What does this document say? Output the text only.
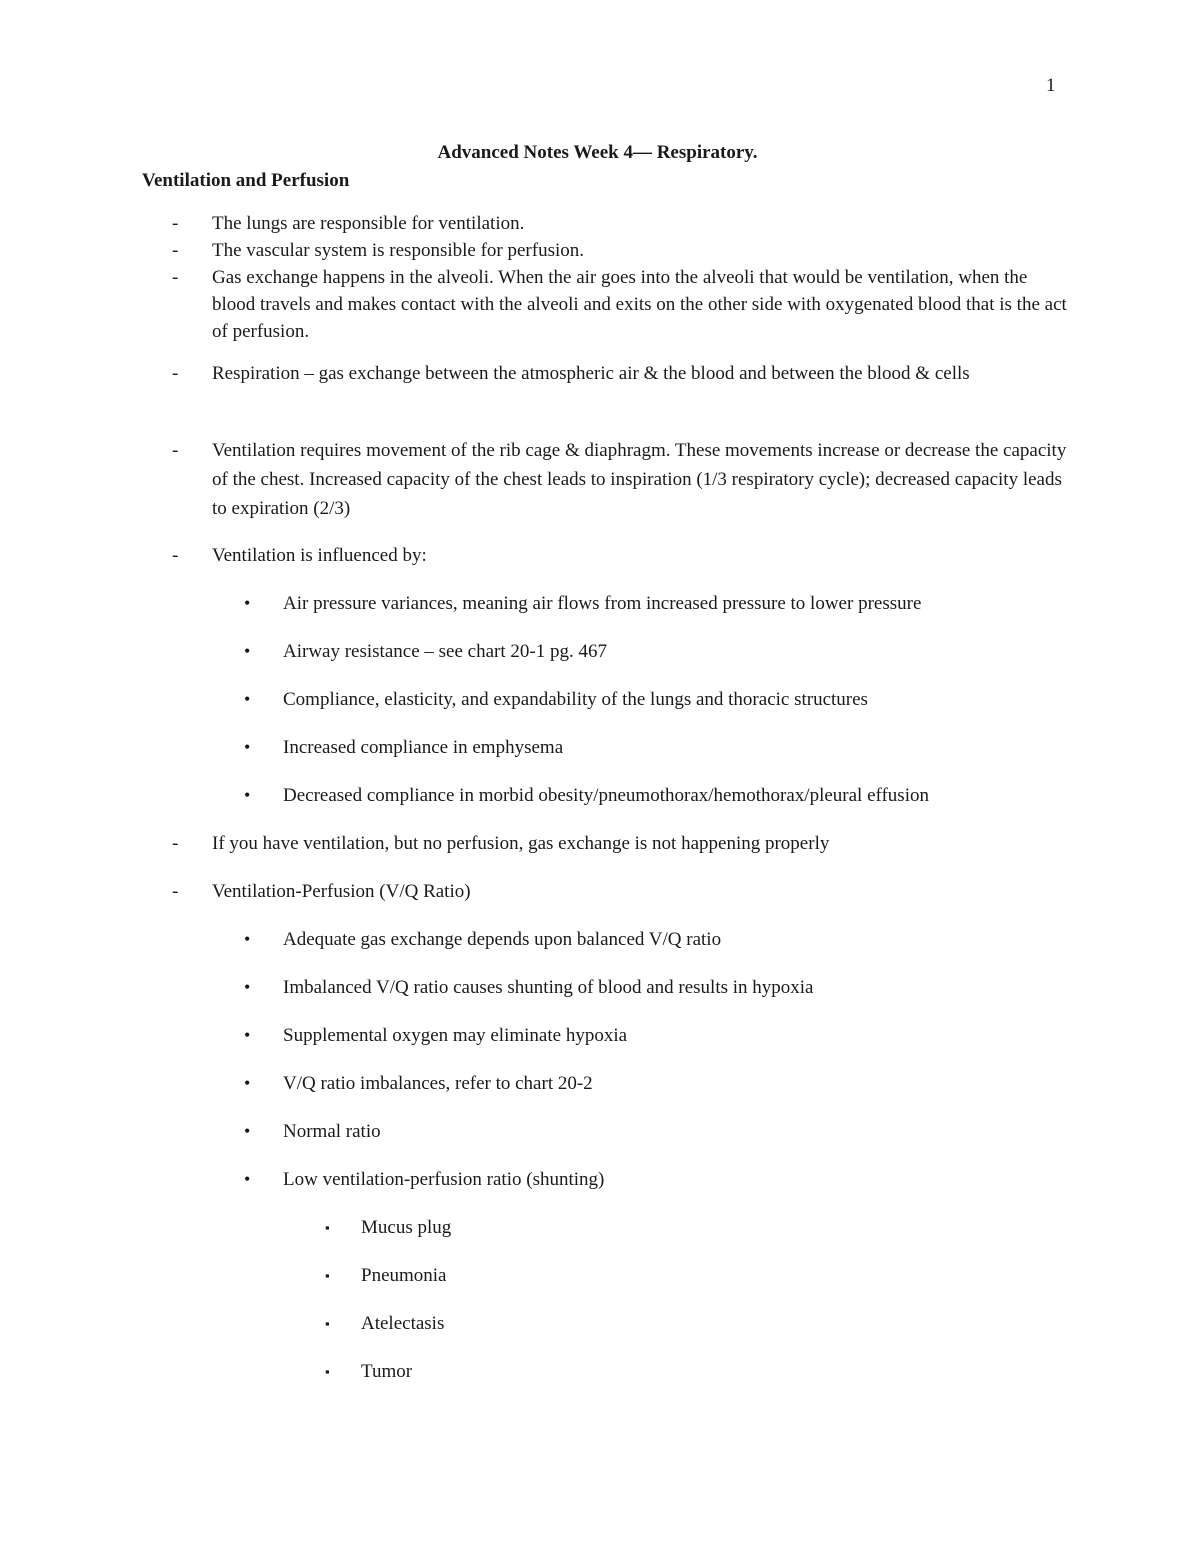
1
Advanced Notes Week 4— Respiratory.
Ventilation and Perfusion
- The lungs are responsible for ventilation.
- The vascular system is responsible for perfusion.
- Gas exchange happens in the alveoli. When the air goes into the alveoli that would be ventilation, when the blood travels and makes contact with the alveoli and exits on the other side with oxygenated blood that is the act of perfusion.
- Respiration – gas exchange between the atmospheric air & the blood and between the blood & cells
- Ventilation requires movement of the rib cage & diaphragm. These movements increase or decrease the capacity of the chest. Increased capacity of the chest leads to inspiration (1/3 respiratory cycle); decreased capacity leads to expiration (2/3)
- Ventilation is influenced by:
• Air pressure variances, meaning air flows from increased pressure to lower pressure
• Airway resistance – see chart 20-1 pg. 467
• Compliance, elasticity, and expandability of the lungs and thoracic structures
• Increased compliance in emphysema
• Decreased compliance in morbid obesity/pneumothorax/hemothorax/pleural effusion
- If you have ventilation, but no perfusion, gas exchange is not happening properly
- Ventilation-Perfusion (V/Q Ratio)
• Adequate gas exchange depends upon balanced V/Q ratio
• Imbalanced V/Q ratio causes shunting of blood and results in hypoxia
• Supplemental oxygen may eliminate hypoxia
• V/Q ratio imbalances, refer to chart 20-2
• Normal ratio
• Low ventilation-perfusion ratio (shunting)
▪ Mucus plug
▪ Pneumonia
▪ Atelectasis
▪ Tumor
